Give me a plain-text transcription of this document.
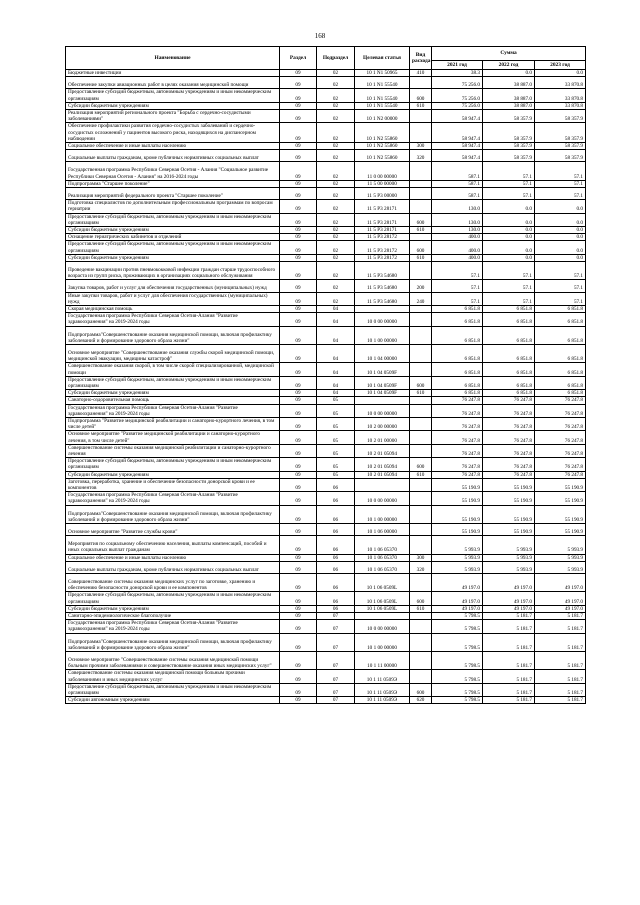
168
Наименование	Раздел	Подраздел	Целевая статья	Вид расхода	Сумма		
					2021 год	2022 год	2023 год
Бюджетные инвестиции	09	02	10 1 N1 50965	410	38.3	0.0	0.0
Обеспечение закупки авиационных работ в целях оказания медицинской помощи	09	02	10 1 N1 55540		75 256.0	38 887.0	33 870.8
Предоставление субсидий бюджетным, автономным учреждениям и иным некоммерческим организациям	09	02	10 1 N1 55540	600	75 256.0	38 887.0	33 870.8
Субсидии бюджетным учреждениям	09	02	10 1 N1 55540	610	75 256.0	38 887.0	33 870.8
Реализация мероприятий регионального проекта "Борьба с сердечно-сосудистыми заболеваниями"	09	02	10 1 N2 00000		58 947.4	58 357.9	58 357.9
Обеспечение профилактики развития сердечно-сосудистых заболеваний и сердечно-сосудистых осложнений у пациентов высокого риска, находящихся на диспансерном наблюдении	09	02	10 1 N2 55860		58 947.4	58 357.9	58 357.9
Социальное обеспечение и иные выплаты населению	09	02	10 1 N2 55860	300	58 947.4	58 357.9	58 357.9
Социальные выплаты гражданам, кроме публичных нормативных социальных выплат	09	02	10 1 N2 55860	320	58 947.4	58 357.9	58 357.9
Государственная программа Республики Северная Осетия - Алания "Социальное развитие Республики Северная Осетия - Алания" на 2016-2024 годы	09	02	11 0 00 00000		587.1	57.1	57.1
Подпрограмма "Старшее поколение"	09	02	11 5 00 00000		587.1	57.1	57.1
Реализация мероприятий федерального проекта "Старшее поколение"	09	02	11 5 P3 00000		587.1	57.1	57.1
Подготовка специалистов по дополнительным профессиональным программам по вопросам гериатрии	09	02	11 5 P3 28171		130.0	0.0	0.0
Предоставление субсидий бюджетным, автономным учреждениям и иным некоммерческим организациям	09	02	11 5 P3 28171	600	130.0	0.0	0.0
Субсидии бюджетным учреждениям	09	02	11 5 P3 28171	610	130.0	0.0	0.0
Оснащение гериатрических кабинетов и отделений	09	02	11 5 P3 28172		400.0	0.0	0.0
Предоставление субсидий бюджетным, автономным учреждениям и иным некоммерческим организациям	09	02	11 5 P3 28172	600	400.0	0.0	0.0
Субсидии бюджетным учреждениям	09	02	11 5 P3 28172	610	400.0	0.0	0.0
Проведение вакцинации против пневмококковой инфекции граждан старше трудоспособного возраста из групп риска, проживающих в организациях социального обслуживания	09	02	11 5 P3 54680		57.1	57.1	57.1
Закупка товаров, работ и услуг для обеспечения государственных (муниципальных) нужд	09	02	11 5 P3 54680	200	57.1	57.1	57.1
Иные закупки товаров, работ и услуг для обеспечения государственных (муниципальных) нужд	09	02	11 5 P3 54680	240	57.1	57.1	57.1
Скорая медицинская помощь	09	04			6 851.8	6 851.8	6 851.8
Государственная программа Республики Северная Осетия-Алания "Развитие здравоохранения" на 2019-2024 годы	09	04	10 0 00 00000		6 851.8	6 851.8	6 851.8
Подпрограмма"Совершенствование оказания медицинской помощи, включая профилактику заболеваний и формирование здорового образа жизни"	09	04	10 1 00 00000		6 851.8	6 851.8	6 851.8
Основное мероприятие "Совершенствование оказания службы скорой медицинской помощи, медицинской эвакуации, медицины катастроф"	09	04	10 1 04 00000		6 851.8	6 851.8	6 851.8
Совершенствование оказания скорой, в том числе скорой специализированной, медицинской помощи	09	04	10 1 04 0509F		6 851.8	6 851.8	6 851.8
Предоставление субсидий бюджетным, автономным учреждениям и иным некоммерческим организациям	09	04	10 1 04 0509F	600	6 851.8	6 851.8	6 851.8
Субсидии бюджетным учреждениям	09	04	10 1 04 0509F	610	6 851.8	6 851.8	6 851.8
Санаторно-оздоровительная помощь	09	05			76 247.8	76 247.8	76 247.8
Государственная программа Республики Северная Осетия-Алания "Развитие здравоохранения" на 2019-2024 годы	09	05	10 0 00 00000		76 247.8	76 247.8	76 247.8
Подпрограмма "Развитие медицинской реабилитации и санаторно-курортного лечения, в том числе детей"	09	05	10 2 00 00000		76 247.8	76 247.8	76 247.8
Основное мероприятие "Развитие медицинской реабилитации и санаторно-курортного лечения, в том числе детей"	09	05	10 2 01 00000		76 247.8	76 247.8	76 247.8
Совершенствование системы оказания медицинской реабилитации и санаторно-курортного лечения	09	05	10 2 01 05094		76 247.8	76 247.8	76 247.8
Предоставление субсидий бюджетным, автономным учреждениям и иным некоммерческим организациям	09	05	10 2 01 05094	600	76 247.8	76 247.8	76 247.8
Субсидии бюджетным учреждениям	09	05	10 2 01 05094	610	76 247.8	76 247.8	76 247.8
Заготовка, переработка, хранение и обеспечение безопасности донорской крови и ее компонентов	09	06			55 190.9	55 190.9	55 190.9
Государственная программа Республики Северная Осетия-Алания "Развитие здравоохранения" на 2019-2024 годы	09	06	10 0 00 00000		55 190.9	55 190.9	55 190.9
Подпрограмма"Совершенствование оказания медицинской помощи, включая профилактику заболеваний и формирование здорового образа жизни"	09	06	10 1 00 00000		55 190.9	55 190.9	55 190.9
Основное мероприятие "Развитие службы крови"	09	06	10 1 06 00000		55 190.9	55 190.9	55 190.9
Мероприятия по социальному обеспечению населения, выплаты компенсаций, пособий и иных социальных выплат гражданам	09	06	10 1 06 05370		5 993.9	5 993.9	5 993.9
Социальное обеспечение и иные выплаты населению	09	06	10 1 06 05370	300	5 993.9	5 993.9	5 993.9
Социальные выплаты гражданам, кроме публичных нормативных социальных выплат	09	06	10 1 06 05370	320	5 993.9	5 993.9	5 993.9
Совершенствование системы оказания медицинских услуг по заготовке, хранению и обеспечению безопасности донорской крови и ее компонентов	09	06	10 1 06 0509L		49 197.0	49 197.0	49 197.0
Предоставление субсидий бюджетным, автономным учреждениям и иным некоммерческим организациям	09	06	10 1 06 0509L	600	49 197.0	49 197.0	49 197.0
Субсидии бюджетным учреждениям	09	06	10 1 06 0509L	610	49 197.0	49 197.0	49 197.0
Санитарно-эпидемиологическое благополучие	09	07			5 798.5	5 181.7	5 181.7
Государственная программа Республики Северная Осетия-Алания "Развитие здравоохранения" на 2019-2024 годы	09	07	10 0 00 00000		5 798.5	5 181.7	5 181.7
Подпрограмма"Совершенствование оказания медицинской помощи, включая профилактику заболеваний и формирование здорового образа жизни"	09	07	10 1 00 00000		5 798.5	5 181.7	5 181.7
Основное мероприятие "Совершенствование системы оказания медицинской помощи больным прочими заболеваниями и совершенствование оказания иных медицинских услуг"	09	07	10 1 11 00000		5 798.5	5 181.7	5 181.7
Совершенствование системы оказания медицинской помощи больным прочими заболеваниями и иных медицинских услуг	09	07	10 1 11 0509Э		5 798.5	5 181.7	5 181.7
Предоставление субсидий бюджетным, автономным учреждениям и иным некоммерческим организациям	09	07	10 1 11 0509Э	600	5 798.5	5 181.7	5 181.7
Субсидии автономным учреждениям	09	07	10 1 11 0509Э	620	5 798.5	5 181.7	5 181.7
